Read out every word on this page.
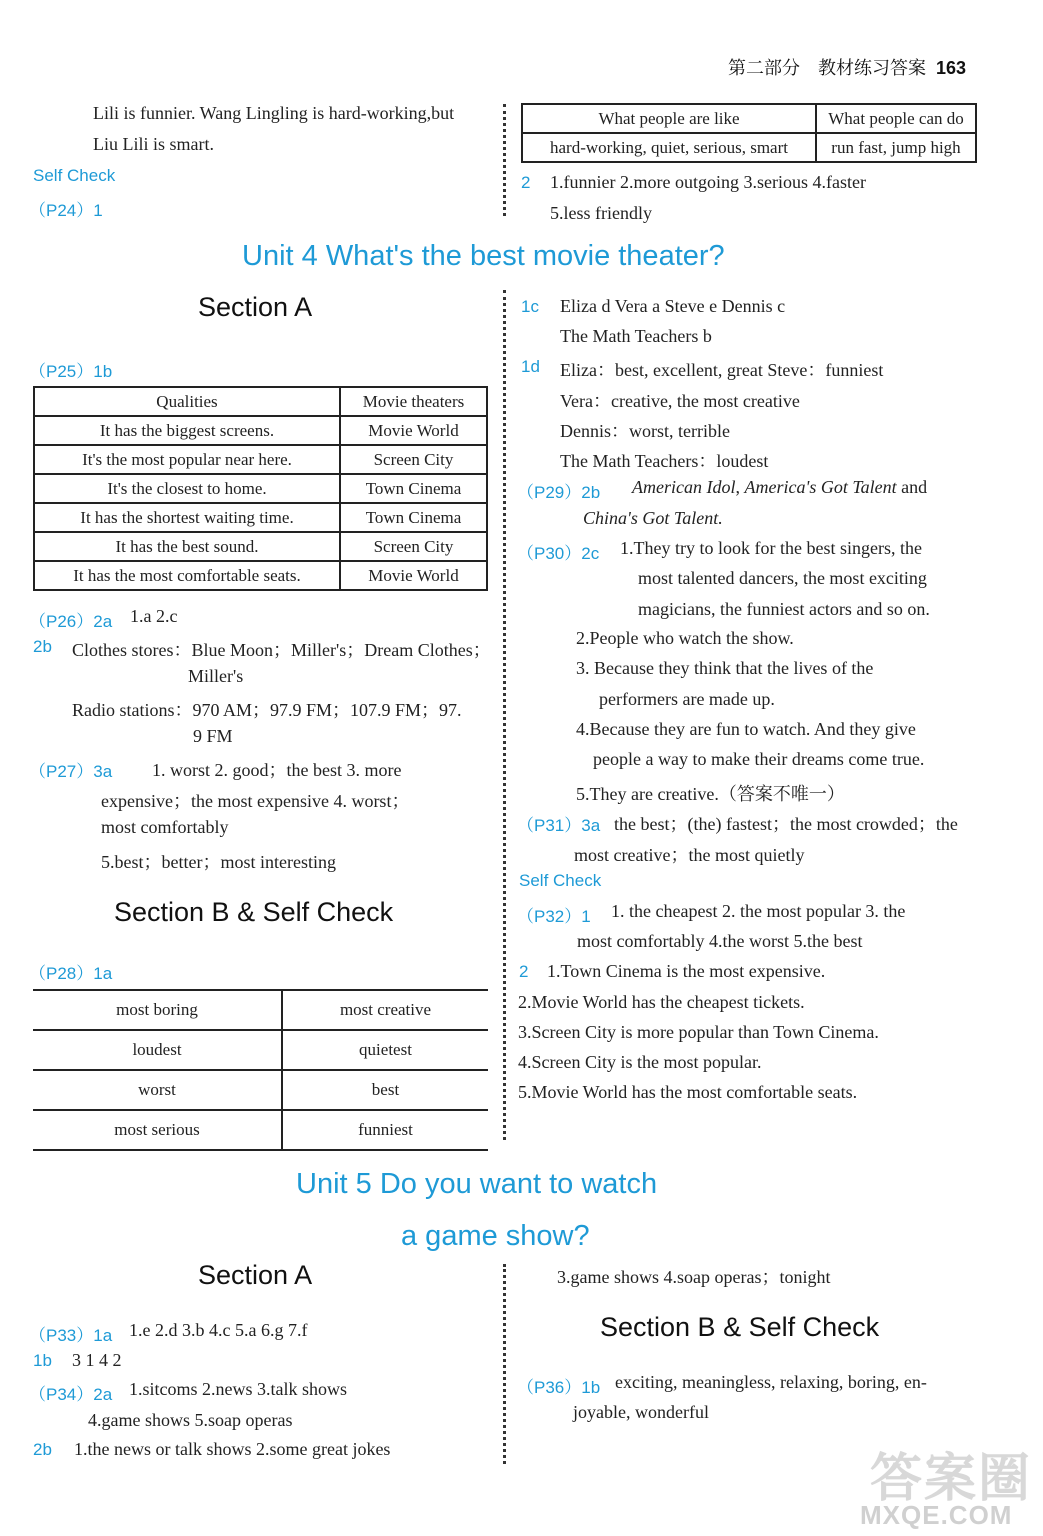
第二部分 教材练习答案 163
Lili is funnier. Wang Lingling is hard-working,but
Liu Lili is smart.
Self Check
（P24）1
What people are like	What people can do
hard-working, quiet, serious, smart	run fast, jump high
2 1.funnier 2.more outgoing 3.serious 4.faster
5.less friendly
Unit 4 What's the best movie theater?
Section A
（P25）1b
Qualities	Movie theaters
It has the biggest screens.	Movie World
It's the most popular near here.	Screen City
It's the closest to home.	Town Cinema
It has the shortest waiting time.	Town Cinema
It has the best sound.	Screen City
It has the most comfortable seats.	Movie World
（P26）2a 1.a 2.c
2b Clothes stores：Blue Moon；Miller's；Dream Clothes；
Miller's
Radio stations：970 AM；97.9 FM；107.9 FM；97.
9 FM
（P27）3a 1. worst 2. good；the best 3. more
expensive；the most expensive 4. worst；
most comfortably
5.best；better；most interesting
Section B & Self Check
（P28）1a
most boring	most creative
loudest	quietest
worst	best
most serious	funniest
1c Eliza d Vera a Steve e Dennis c
The Math Teachers b
1d Eliza：best, excellent, great Steve：funniest
Vera：creative, the most creative
Dennis：worst, terrible
The Math Teachers：loudest
（P29）2b American Idol, America's Got Talent and
China's Got Talent.
（P30）2c 1.They try to look for the best singers, the
most talented dancers, the most exciting
magicians, the funniest actors and so on.
2.People who watch the show.
3. Because they think that the lives of the
performers are made up.
4.Because they are fun to watch. And they give
people a way to make their dreams come true.
5.They are creative.（答案不唯一）
（P31）3a the best；(the) fastest；the most crowded；the
most creative；the most quietly
Self Check
（P32）1 1. the cheapest 2. the most popular 3. the
most comfortably 4.the worst 5.the best
2 1.Town Cinema is the most expensive.
2.Movie World has the cheapest tickets.
3.Screen City is more popular than Town Cinema.
4.Screen City is the most popular.
5.Movie World has the most comfortable seats.
Unit 5 Do you want to watch
a game show?
Section A
（P33）1a 1.e 2.d 3.b 4.c 5.a 6.g 7.f
1b 3 1 4 2
（P34）2a 1.sitcoms 2.news 3.talk shows
4.game shows 5.soap operas
2b 1.the news or talk shows 2.some great jokes
3.game shows 4.soap operas；tonight
Section B & Self Check
（P36）1b exciting, meaningless, relaxing, boring, en-
joyable, wonderful
答案圈
MXQE.COM
